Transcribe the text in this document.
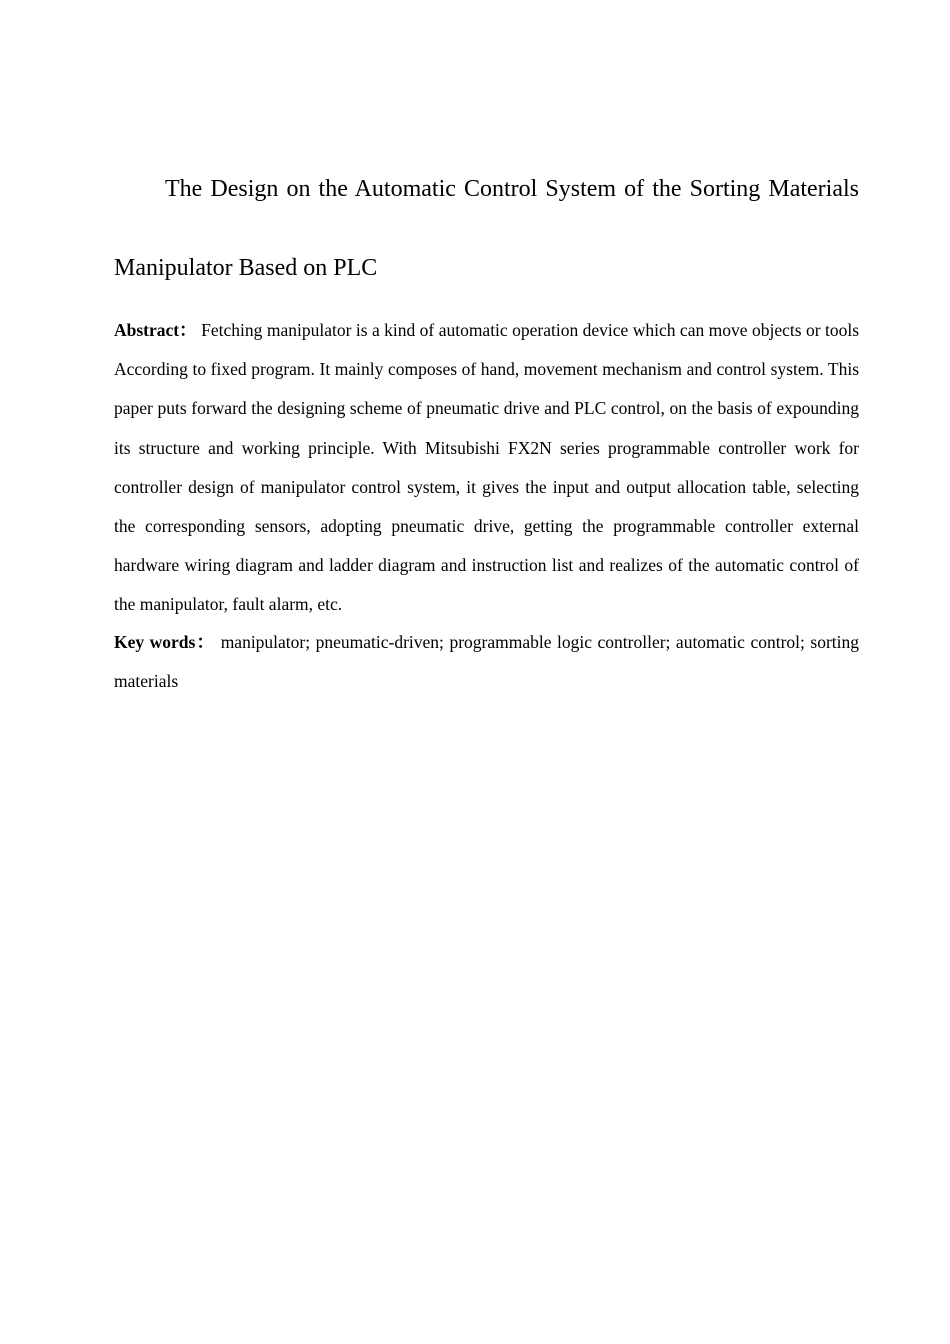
The Design on the Automatic Control System of the Sorting Materials Manipulator Based on PLC

Abstract： Fetching manipulator is a kind of automatic operation device which can move objects or tools According to fixed program. It mainly composes of hand, movement mechanism and control system. This paper puts forward the designing scheme of pneumatic drive and PLC control, on the basis of expounding its structure and working principle. With Mitsubishi FX2N series programmable controller work for controller design of manipulator control system, it gives the input and output allocation table, selecting the corresponding sensors, adopting pneumatic drive, getting the programmable controller external hardware wiring diagram and ladder diagram and instruction list and realizes of the automatic control of the manipulator, fault alarm, etc.

Key words： manipulator; pneumatic-driven; programmable logic controller; automatic control; sorting materials
